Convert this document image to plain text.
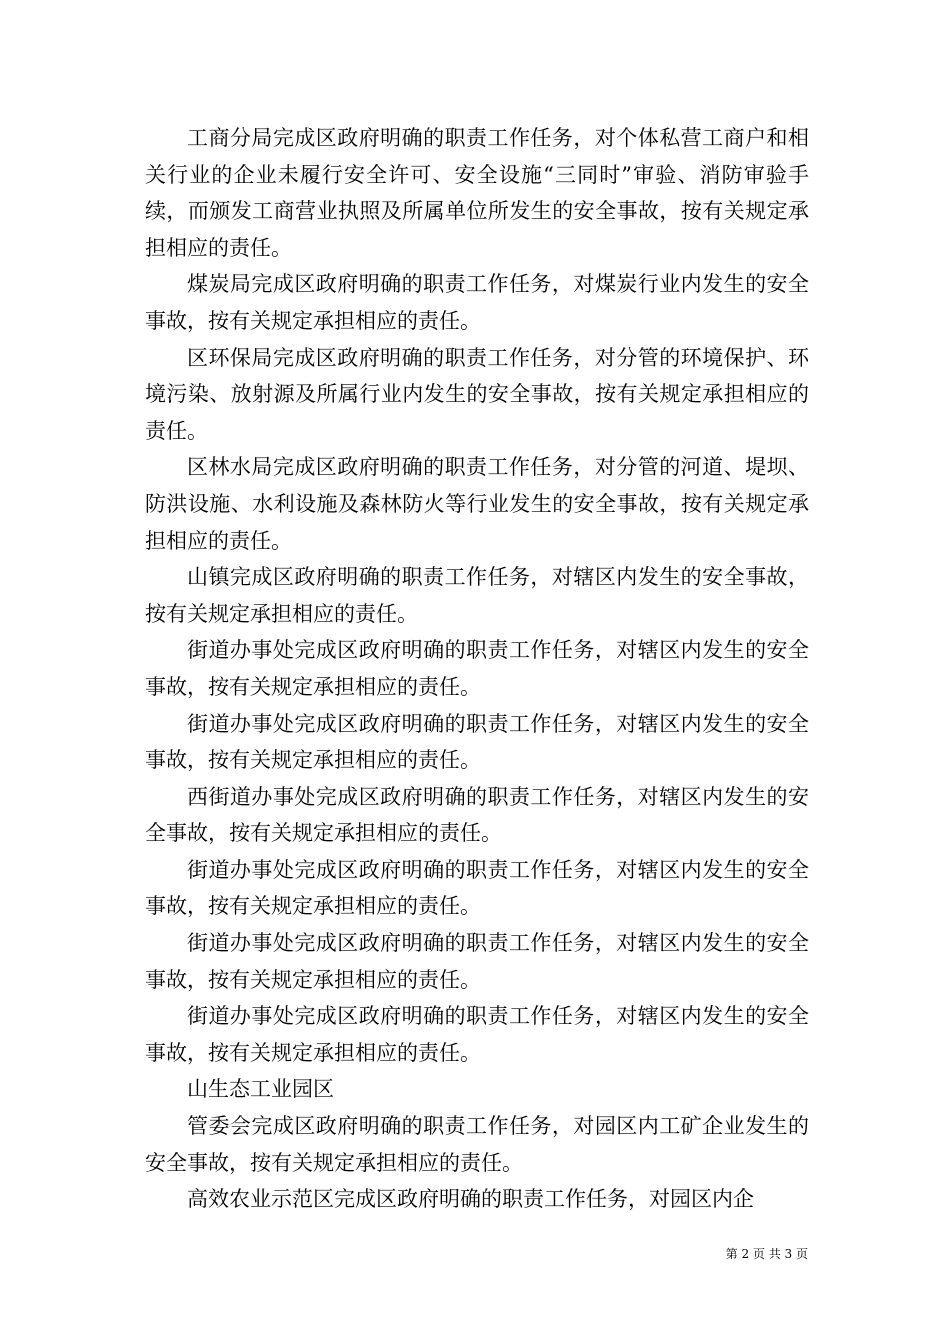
工商分局完成区政府明确的职责工作任务，对个体私营工商户和相关行业的企业未履行安全许可、安全设施“三同时”审验、消防审验手续，而颁发工商营业执照及所属单位所发生的安全事故，按有关规定承担相应的责任。

煤炭局完成区政府明确的职责工作任务，对煤炭行业内发生的安全事故，按有关规定承担相应的责任。

区环保局完成区政府明确的职责工作任务，对分管的环境保护、环境污染、放射源及所属行业内发生的安全事故，按有关规定承担相应的责任。

区林水局完成区政府明确的职责工作任务，对分管的河道、堤坝、防洪设施、水利设施及森林防火等行业发生的安全事故，按有关规定承担相应的责任。

山镇完成区政府明确的职责工作任务，对辖区内发生的安全事故，按有关规定承担相应的责任。

街道办事处完成区政府明确的职责工作任务，对辖区内发生的安全事故，按有关规定承担相应的责任。

街道办事处完成区政府明确的职责工作任务，对辖区内发生的安全事故，按有关规定承担相应的责任。

西街道办事处完成区政府明确的职责工作任务，对辖区内发生的安全事故，按有关规定承担相应的责任。

街道办事处完成区政府明确的职责工作任务，对辖区内发生的安全事故，按有关规定承担相应的责任。

街道办事处完成区政府明确的职责工作任务，对辖区内发生的安全事故，按有关规定承担相应的责任。

街道办事处完成区政府明确的职责工作任务，对辖区内发生的安全事故，按有关规定承担相应的责任。

山生态工业园区

管委会完成区政府明确的职责工作任务，对园区内工矿企业发生的安全事故，按有关规定承担相应的责任。

高效农业示范区完成区政府明确的职责工作任务，对园区内企

第 2 页 共 3 页
